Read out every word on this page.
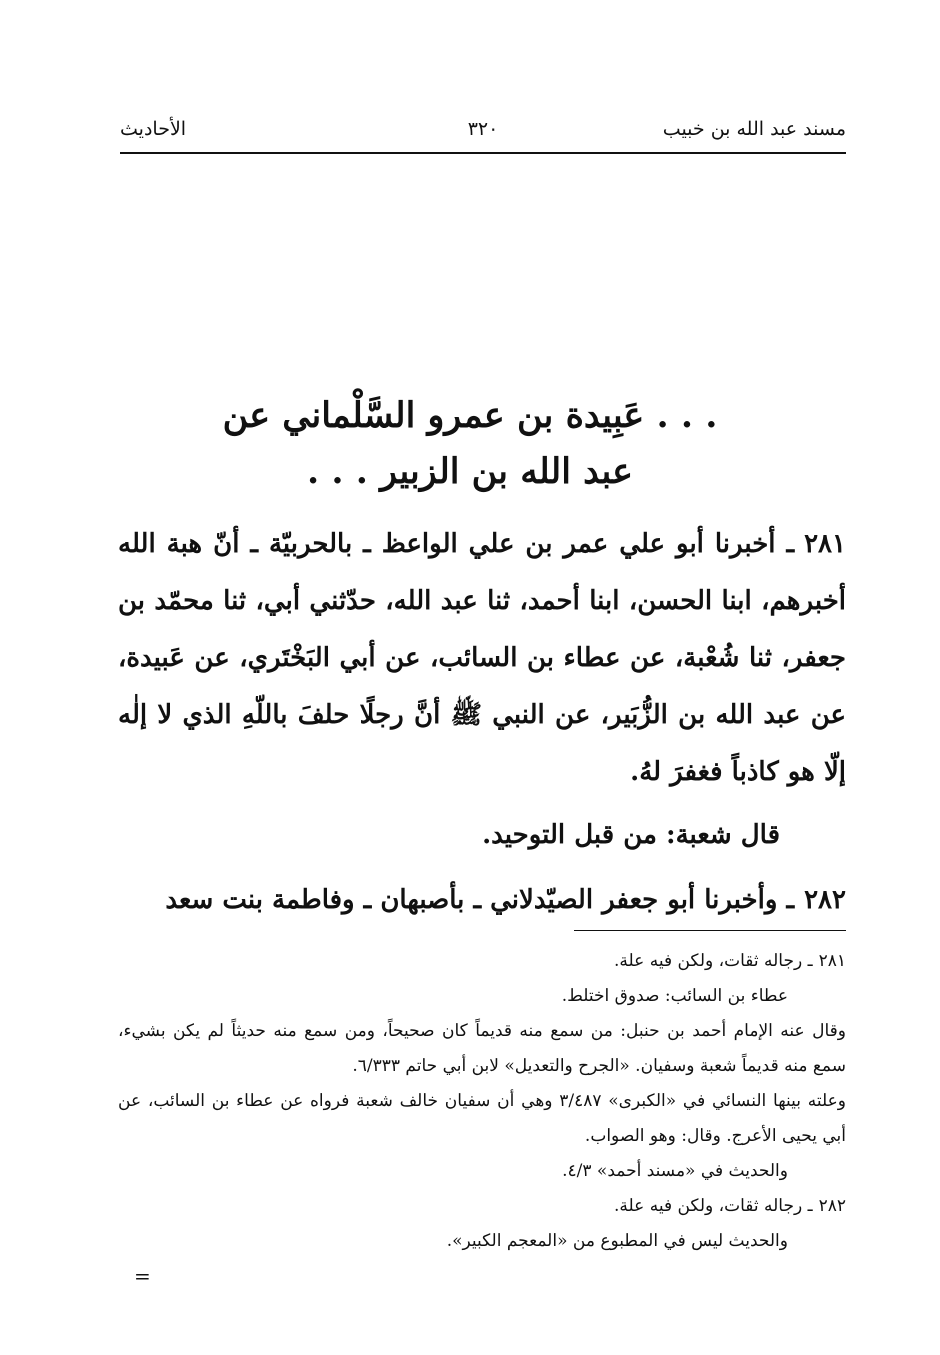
مسند عبد الله بن خبيب
٣٢٠
الأحاديث
. . . عَبِيدة بن عمرو السَّلْماني عن
عبد الله بن الزبير . . .

٢٨١ـ أخبرنا أبو علي عمر بن علي الواعظ ـ بالحربيّة ـ أنّ هبة الله أخبرهم، ابنا الحسن، ابنا أحمد، ثنا عبد الله، حدّثني أبي، ثنا محمّد بن جعفر، ثنا شُعْبة، عن عطاء بن السائب، عن أبي البَخْتَري، عن عَبيدة، عن عبد الله بن الزُّبَير، عن النبي ﷺ أنَّ رجلًا حلفَ باللّهِ الذي لا إلٰه إلّا هو كاذباً فغفرَ لهُ.

قال شعبة: من قبل التوحيد.

٢٨٢ـ وأخبرنا أبو جعفر الصيّدلاني ـ بأصبهان ـ وفاطمة بنت سعد

٢٨١ـ رجاله ثقات، ولكن فيه علة.

عطاء بن السائب: صدوق اختلط.

وقال عنه الإمام أحمد بن حنبل: من سمع منه قديماً كان صحيحاً، ومن سمع منه حديثاً لم يكن بشيء، سمع منه قديماً شعبة وسفيان. «الجرح والتعديل» لابن أبي حاتم ٦/٣٣٣.

وعلته بينها النسائي في «الكبرى» ٣/٤٨٧ وهي أن سفيان خالف شعبة فرواه عن عطاء بن السائب، عن أبي يحيى الأعرج. وقال: وهو الصواب.

والحديث في «مسند أحمد» ٤/٣.

٢٨٢ـ رجاله ثقات، ولكن فيه علة.

والحديث ليس في المطبوع من «المعجم الكبير».

=
